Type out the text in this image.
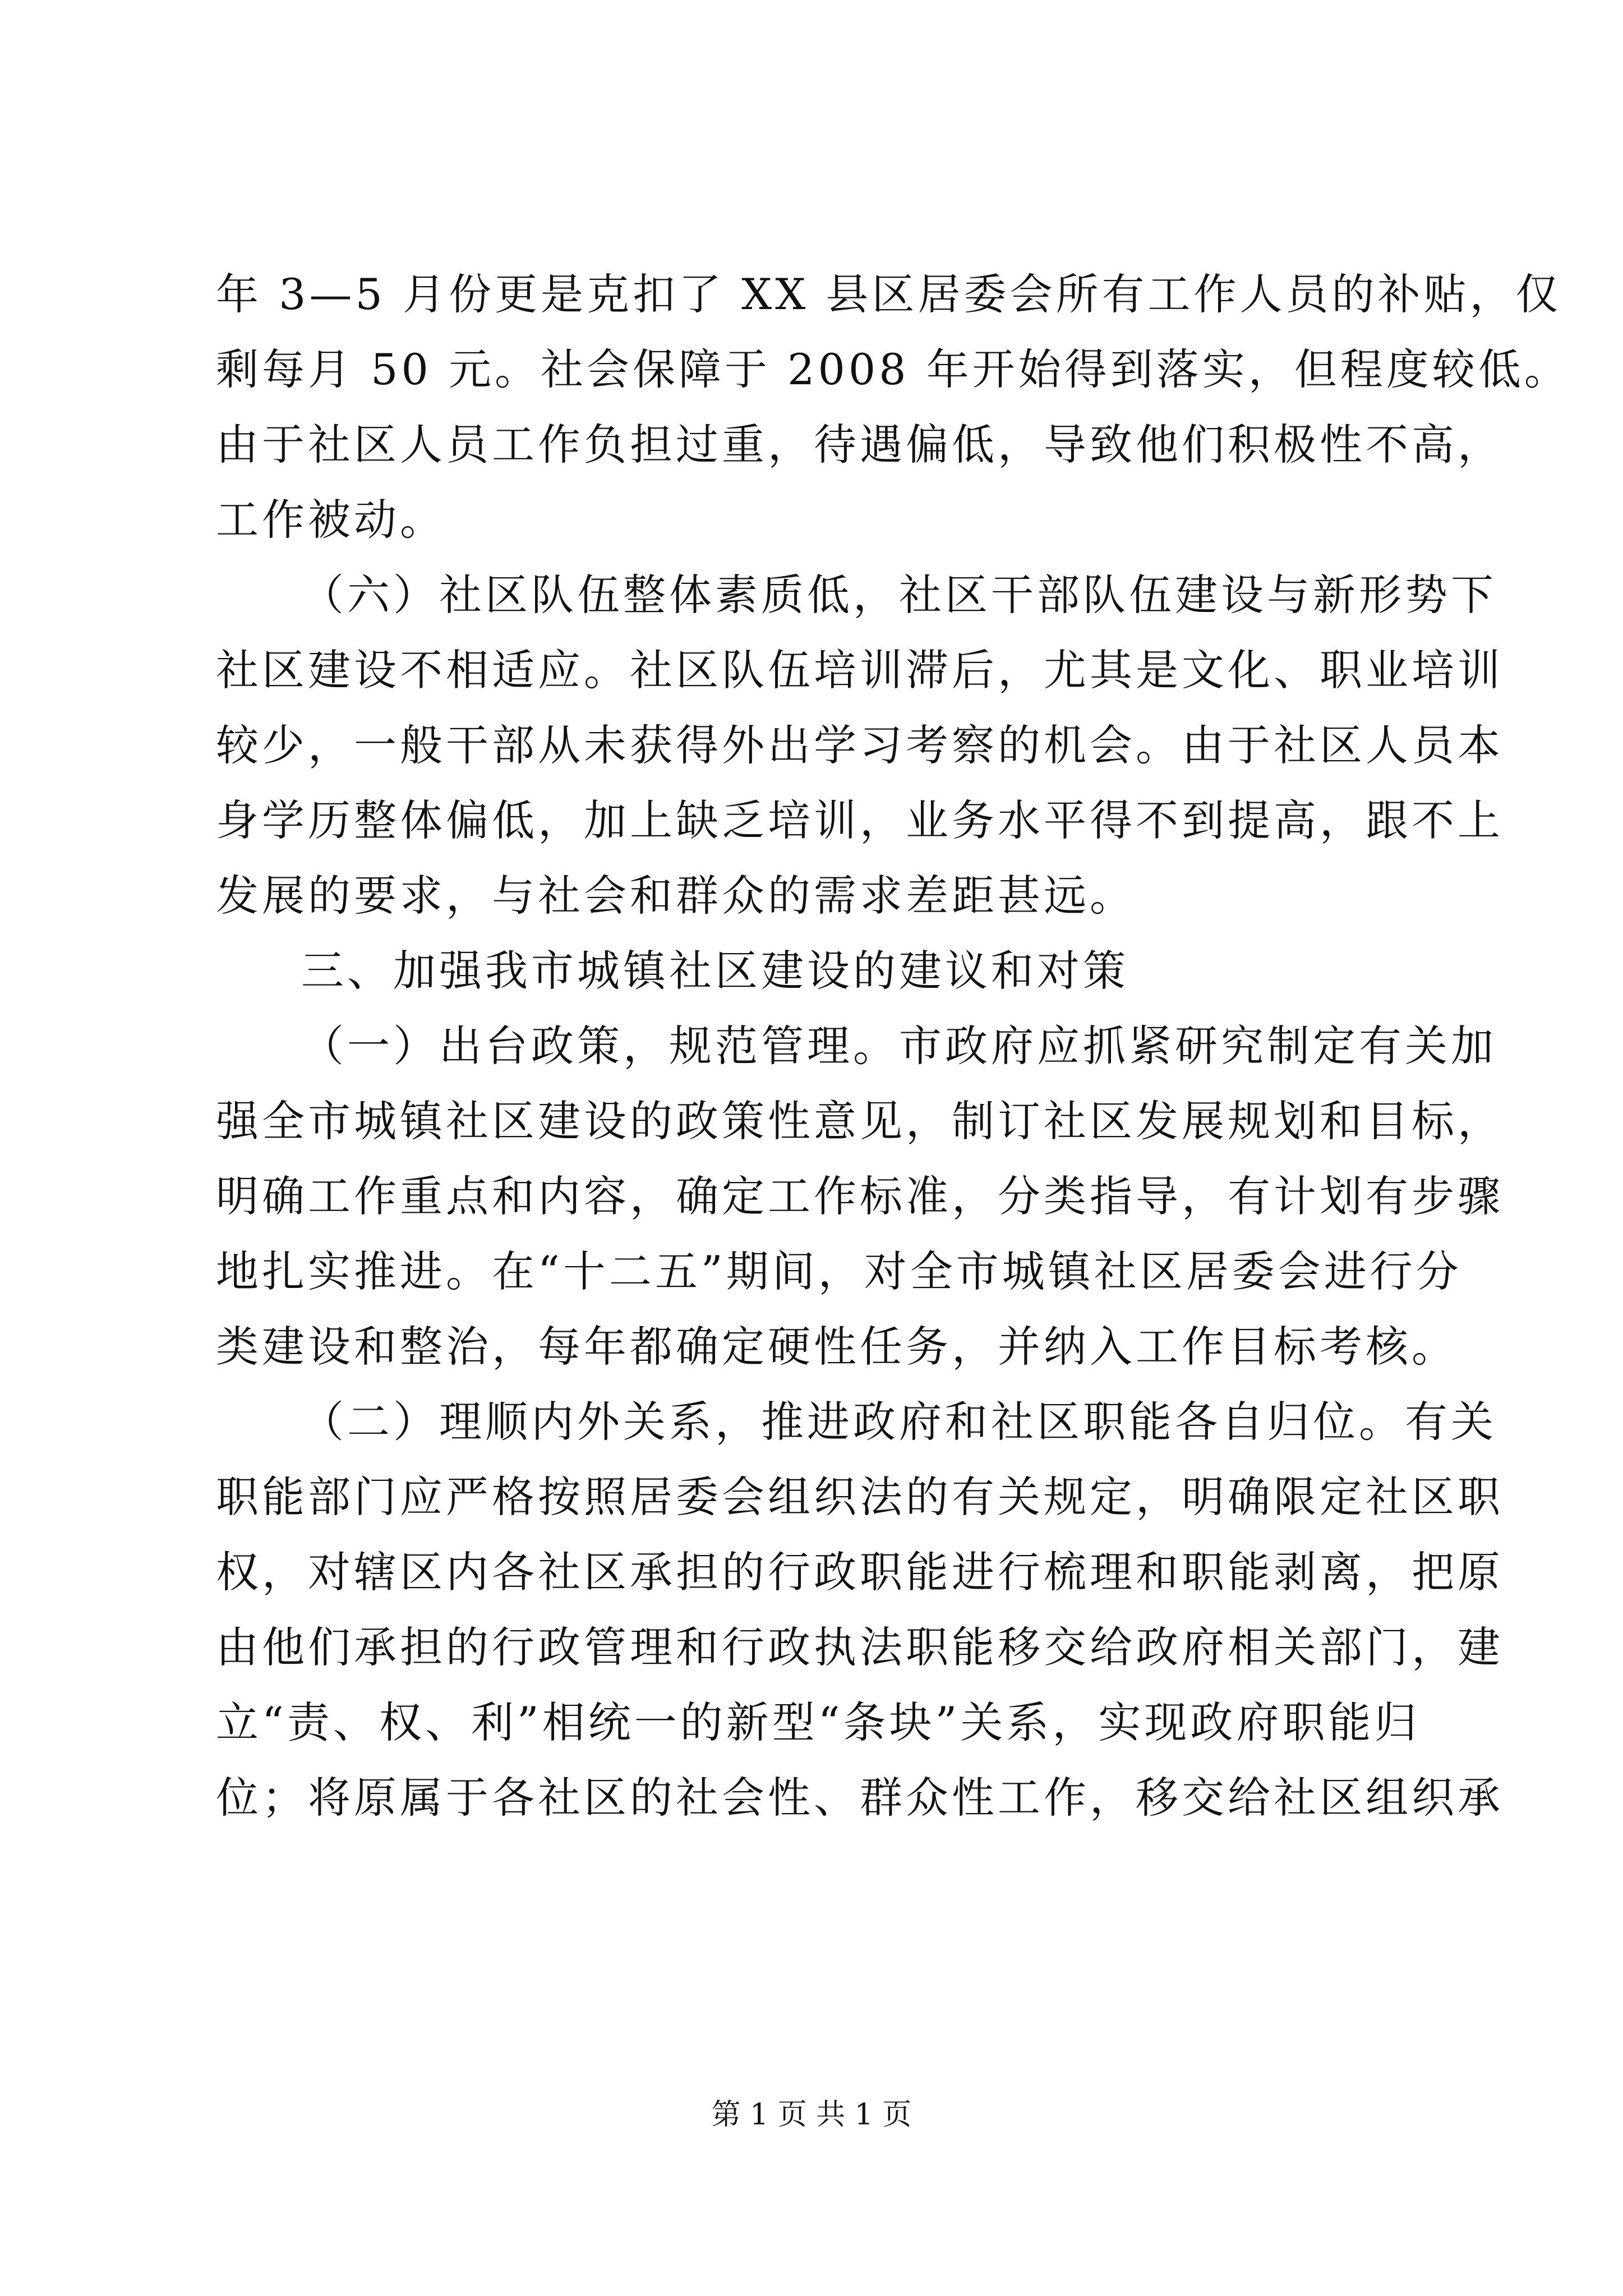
年 3—5 月份更是克扣了 XX 县区居委会所有工作人员的补贴，仅
剩每月 50 元。社会保障于 2008 年开始得到落实，但程度较低。
由于社区人员工作负担过重，待遇偏低，导致他们积极性不高，
工作被动。
（六）社区队伍整体素质低，社区干部队伍建设与新形势下
社区建设不相适应。社区队伍培训滞后，尤其是文化、职业培训
较少，一般干部从未获得外出学习考察的机会。由于社区人员本
身学历整体偏低，加上缺乏培训，业务水平得不到提高，跟不上
发展的要求，与社会和群众的需求差距甚远。
三、加强我市城镇社区建设的建议和对策
（一）出台政策，规范管理。市政府应抓紧研究制定有关加
强全市城镇社区建设的政策性意见，制订社区发展规划和目标，
明确工作重点和内容，确定工作标准，分类指导，有计划有步骤
地扎实推进。在“十二五”期间，对全市城镇社区居委会进行分
类建设和整治，每年都确定硬性任务，并纳入工作目标考核。
（二）理顺内外关系，推进政府和社区职能各自归位。有关
职能部门应严格按照居委会组织法的有关规定，明确限定社区职
权，对辖区内各社区承担的行政职能进行梳理和职能剥离，把原
由他们承担的行政管理和行政执法职能移交给政府相关部门，建
立“责、权、利”相统一的新型“条块”关系，实现政府职能归
位；将原属于各社区的社会性、群众性工作，移交给社区组织承
第 1 页 共 1 页
